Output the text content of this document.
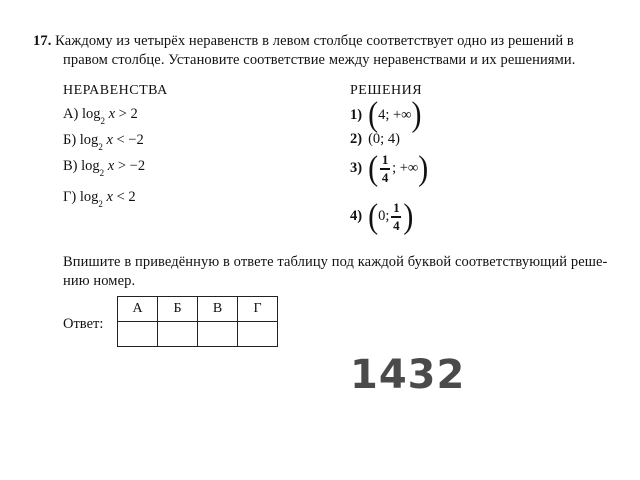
17. Каждому из четырёх неравенств в левом столбце соответствует одно из решений в
правом столбце. Установите соответствие между неравенствами и их решениями.
НЕРАВЕНСТВА
А) $\log_2 x > 2$
Б) $\log_2 x < -2$
В) $\log_2 x > -2$
Г) $\log_2 x < 2$
РЕШЕНИЯ
1) ( 4; +∞ )
2) (0; 4)
3) ( $\frac{1}{4}$ ; +∞ )
4) ( 0; $\frac{1}{4}$ )
Впишите в приведённую в ответе таблицу под каждой буквой соответствующий реше-
нию номер.
Ответ:
А	Б	В	Г

1432
